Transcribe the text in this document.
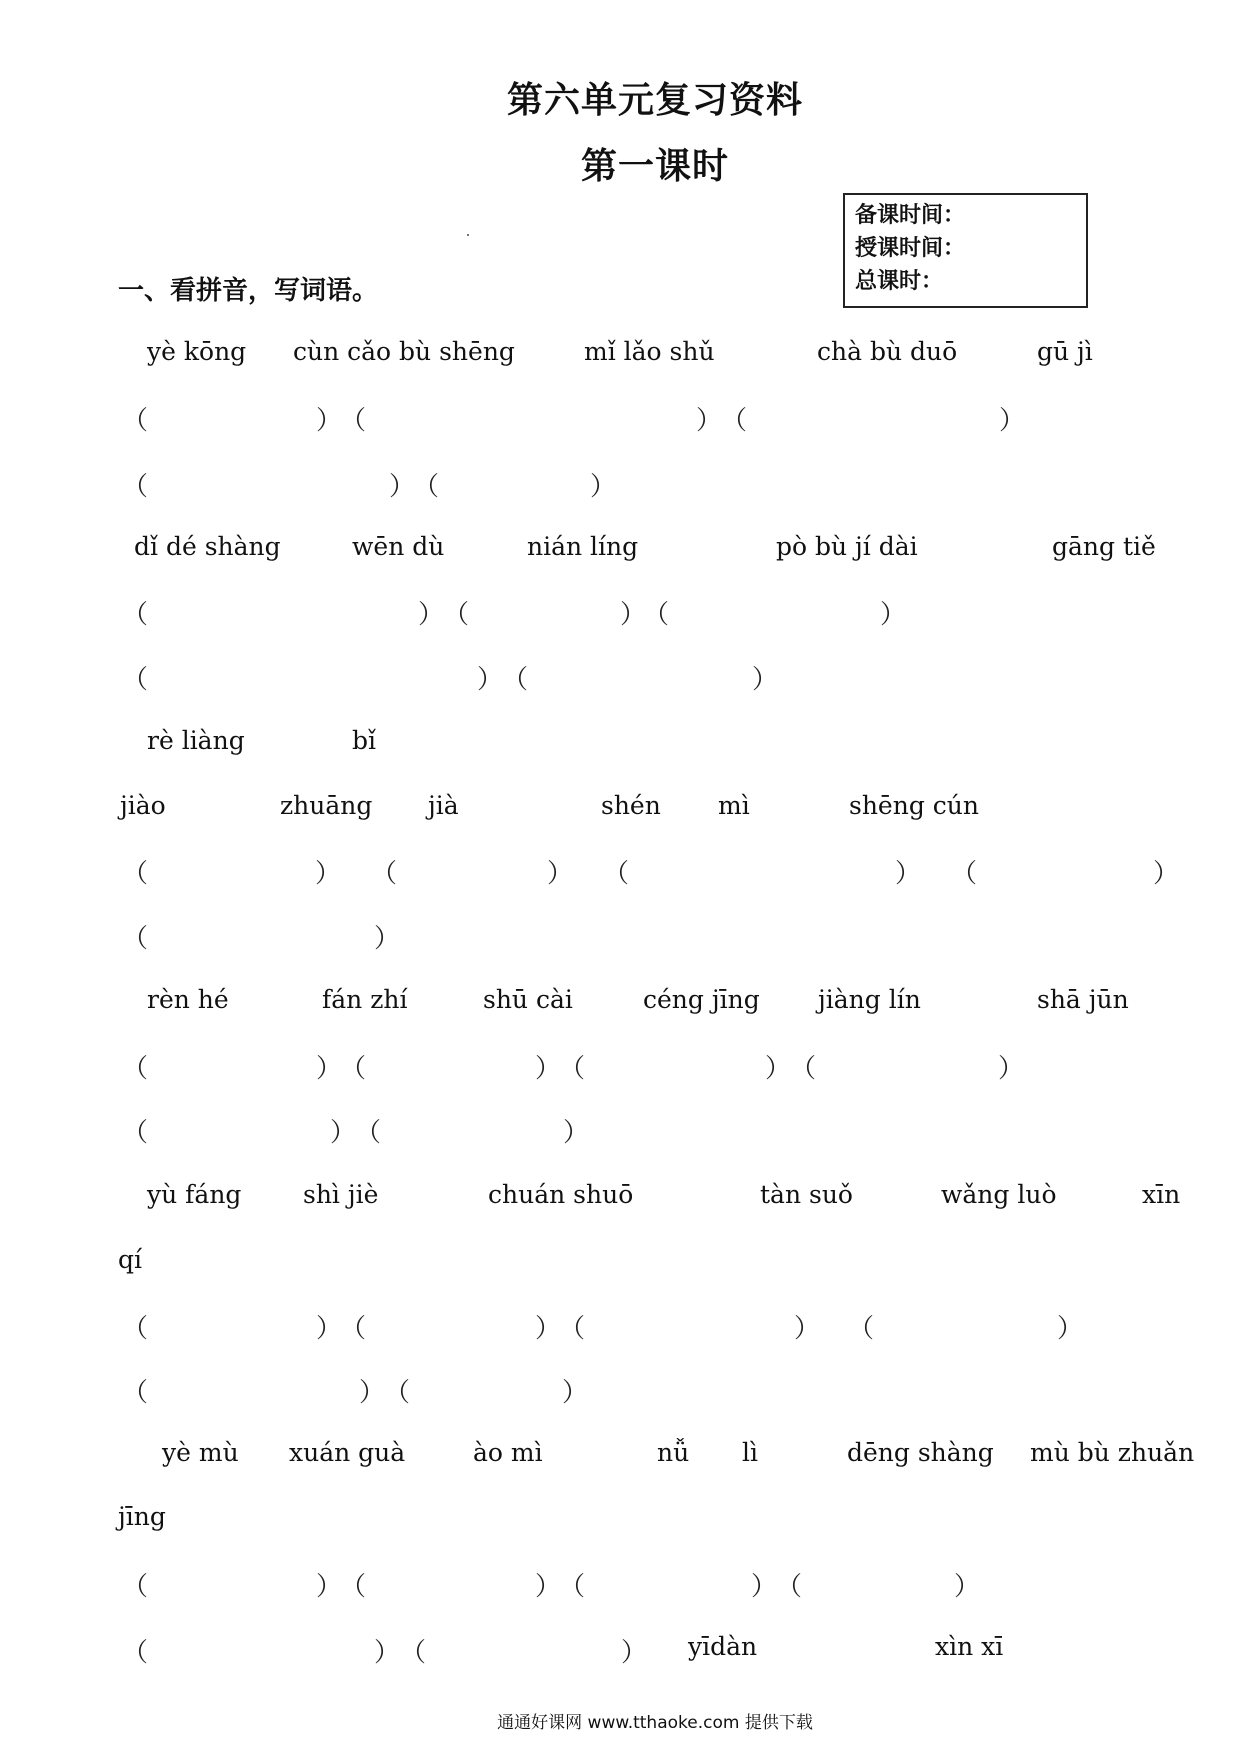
第六单元复习资料
第一课时
备课时间：
授课时间：
总课时：
一、看拼音，写词语。
yè kōng cùn cǎo bù shēng	mǐ lǎo shǔ	chà bù duō	gū jì
（	）
（	）
（	）
（	）
（	）
dǐ dé shàng	wēn dù	nián líng	pò bù jí dài	gāng tiě
（	）
（	）
（	）
（	）
（	）
rè liàng	bǐ
jiào	zhuāng jià	shén mì	shēng cún
（	） （	） （	） （	）
（	）
rèn hé	fán zhí	shū cài	céng jīng jiàng lín	shā jūn
（	）
（	）
（	）
（	）
（	）
（	）
yù fáng shì jiè	chuán shuō	tàn suǒ	wǎng luò	xīn
qí
（	）
（	）
（	） （	）
（	）
（	）
yè mù xuán guà	ào mì	nǚ lì	dēng shàng mù bù zhuǎn
jīng
（	）
（	）
（	）
（	）
（	） （	） yīdàn	xìn xī
通通好课网 www.tthaoke.com 提供下载
